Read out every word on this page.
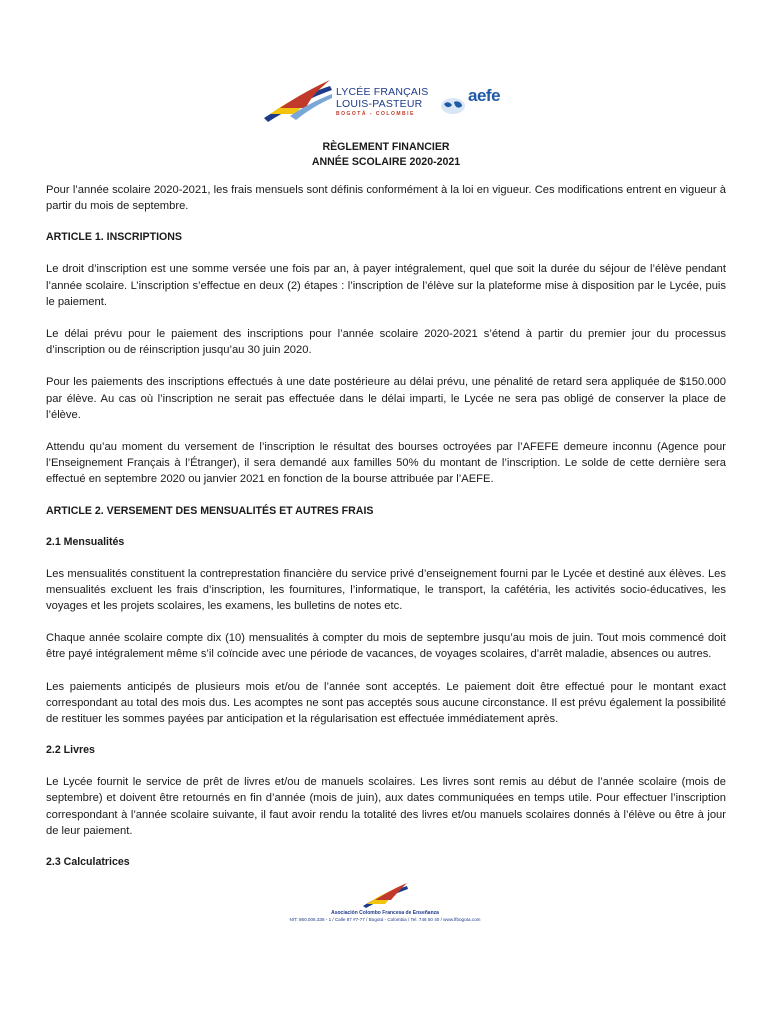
LYCÉE FRANÇAIS
LOUIS-PASTEUR
BOGOTÁ - COLOMBIE
aefe
RÈGLEMENT FINANCIER
ANNÉE SCOLAIRE 2020-2021

Pour l’année scolaire 2020-2021, les frais mensuels sont définis conformément à la loi en vigueur. Ces modifications entrent en vigueur à partir du mois de septembre.

ARTICLE 1. INSCRIPTIONS

Le droit d’inscription est une somme versée une fois par an, à payer intégralement, quel que soit la durée du séjour de l’élève pendant l’année scolaire. L’inscription s’effectue en deux (2) étapes : l’inscription de l’élève sur la plateforme mise à disposition par le Lycée, puis le paiement.

Le délai prévu pour le paiement des inscriptions pour l’année scolaire 2020-2021 s’étend à partir du premier jour du processus d’inscription ou de réinscription jusqu’au 30 juin 2020.

Pour les paiements des inscriptions effectués à une date postérieure au délai prévu, une pénalité de retard sera appliquée de $150.000 par élève. Au cas où l’inscription ne serait pas effectuée dans le délai imparti, le Lycée ne sera pas obligé de conserver la place de l’élève.

Attendu qu’au moment du versement de l’inscription le résultat des bourses octroyées par l’AFEFE demeure inconnu (Agence pour l’Enseignement Français à l’Étranger), il sera demandé aux familles 50% du montant de l’inscription. Le solde de cette dernière sera effectué en septembre 2020 ou janvier 2021 en fonction de la bourse attribuée par l’AEFE.

ARTICLE 2. VERSEMENT DES MENSUALITÉS ET AUTRES FRAIS
2.1 Mensualités

Les mensualités constituent la contreprestation financière du service privé d’enseignement fourni par le Lycée et destiné aux élèves. Les mensualités excluent les frais d’inscription, les fournitures, l’informatique, le transport, la cafétéria, les activités socio-éducatives, les voyages et les projets scolaires, les examens, les bulletins de notes etc.

Chaque année scolaire compte dix (10) mensualités à compter du mois de septembre jusqu’au mois de juin. Tout mois commencé doit être payé intégralement même s’il coïncide avec une période de vacances, de voyages scolaires, d’arrêt maladie, absences ou autres.

Les paiements anticipés de plusieurs mois et/ou de l’année sont acceptés. Le paiement doit être effectué pour le montant exact correspondant au total des mois dus. Les acomptes ne sont pas acceptés sous aucune circonstance. Il est prévu également la possibilité de restituer les sommes payées par anticipation et la régularisation est effectuée immédiatement après.

2.2 Livres

Le Lycée fournit le service de prêt de livres et/ou de manuels scolaires. Les livres sont remis au début de l’année scolaire (mois de septembre) et doivent être retournés en fin d’année (mois de juin), aux dates communiquées en temps utile. Pour effectuer l’inscription correspondant à l’année scolaire suivante, il faut avoir rendu la totalité des livres et/ou manuels scolaires donnés à l’élève ou être à jour de leur paiement.

2.3 Calculatrices
Asociación Colombo Francesa de Enseñanza
NIT: 860.006.338 - 1 / Calle 87 #7-77 / Bogotá - Colombia / Tel. 746 50 40 / www.lfbogota.com
